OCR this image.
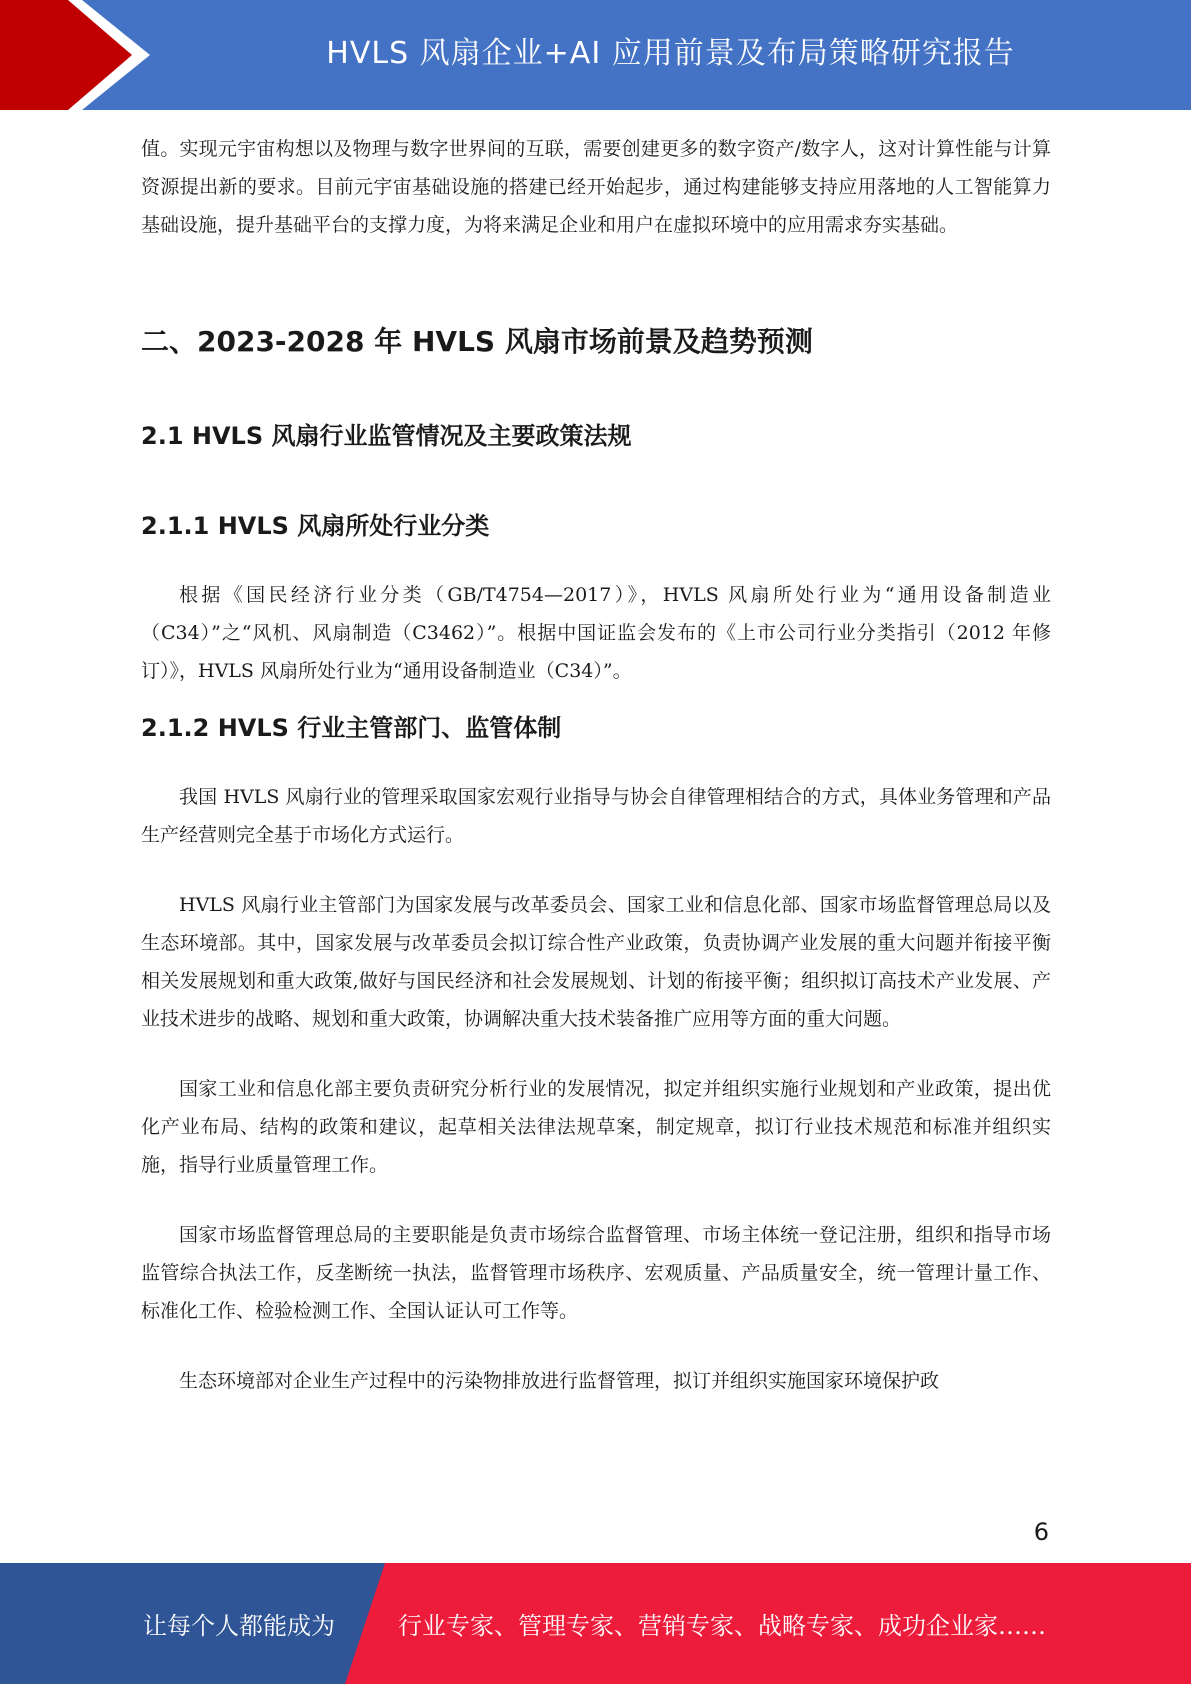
HVLS 风扇企业+AI 应用前景及布局策略研究报告

值。实现元宇宙构想以及物理与数字世界间的互联，需要创建更多的数字资产/数字人，这对计算性能与计算资源提出新的要求。目前元宇宙基础设施的搭建已经开始起步，通过构建能够支持应用落地的人工智能算力基础设施，提升基础平台的支撑力度，为将来满足企业和用户在虚拟环境中的应用需求夯实基础。

二、2023-2028 年 HVLS 风扇市场前景及趋势预测
2.1 HVLS 风扇行业监管情况及主要政策法规
2.1.1 HVLS 风扇所处行业分类

根据《国民经济行业分类（GB/T4754—2017）》，HVLS 风扇所处行业为“通用设备制造业（C34）”之“风机、风扇制造（C3462）”。根据中国证监会发布的《上市公司行业分类指引（2012 年修订）》，HVLS 风扇所处行业为“通用设备制造业（C34）”。

2.1.2 HVLS 行业主管部门、监管体制

我国 HVLS 风扇行业的管理采取国家宏观行业指导与协会自律管理相结合的方式，具体业务管理和产品生产经营则完全基于市场化方式运行。

HVLS 风扇行业主管部门为国家发展与改革委员会、国家工业和信息化部、国家市场监督管理总局以及生态环境部。其中，国家发展与改革委员会拟订综合性产业政策，负责协调产业发展的重大问题并衔接平衡相关发展规划和重大政策,做好与国民经济和社会发展规划、计划的衔接平衡；组织拟订高技术产业发展、产业技术进步的战略、规划和重大政策，协调解决重大技术装备推广应用等方面的重大问题。

国家工业和信息化部主要负责研究分析行业的发展情况，拟定并组织实施行业规划和产业政策，提出优化产业布局、结构的政策和建议，起草相关法律法规草案，制定规章，拟订行业技术规范和标准并组织实施，指导行业质量管理工作。

国家市场监督管理总局的主要职能是负责市场综合监督管理、市场主体统一登记注册，组织和指导市场监管综合执法工作，反垄断统一执法，监督管理市场秩序、宏观质量、产品质量安全，统一管理计量工作、标准化工作、检验检测工作、全国认证认可工作等。

生态环境部对企业生产过程中的污染物排放进行监督管理，拟订并组织实施国家环境保护政

6
让每个人都能成为	行业专家、管理专家、营销专家、战略专家、成功企业家……
